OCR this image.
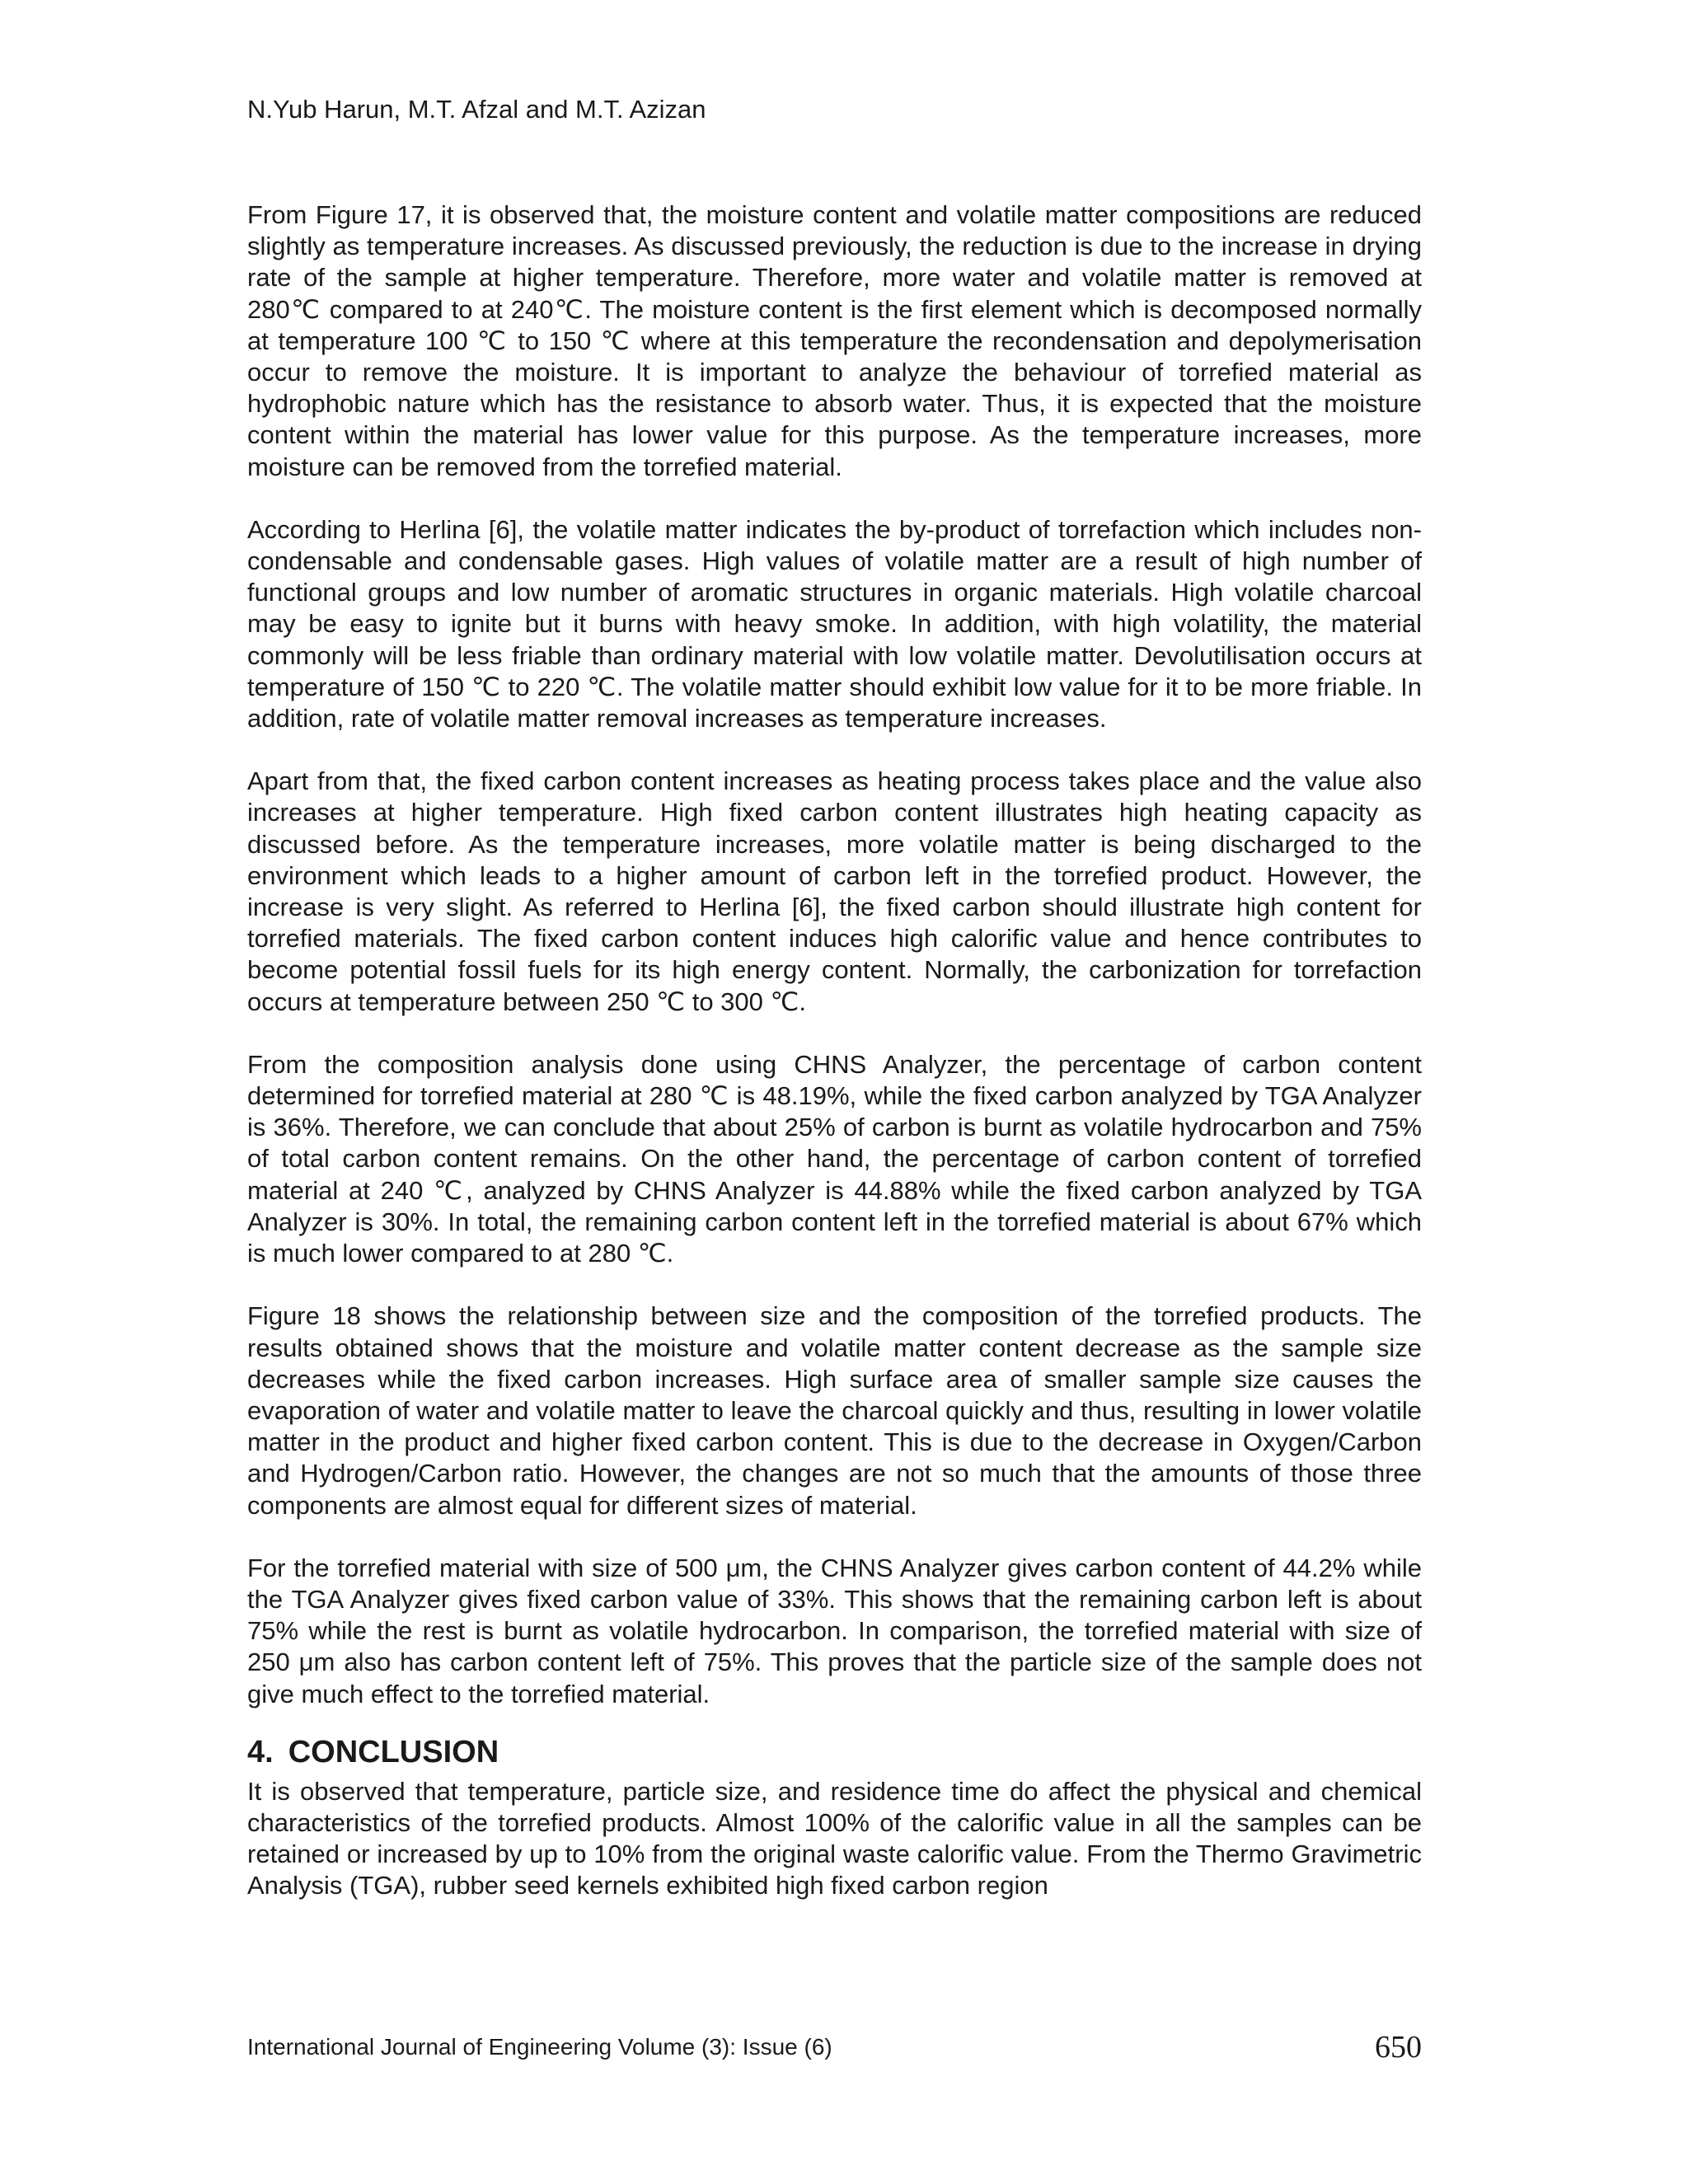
N.Yub Harun, M.T. Afzal and M.T. Azizan

From Figure 17, it is observed that, the moisture content and volatile matter compositions are reduced slightly as temperature increases. As discussed previously, the reduction is due to the increase in drying rate of the sample at higher temperature. Therefore, more water and volatile matter is removed at 280℃ compared to at 240℃. The moisture content is the first element which is decomposed normally at temperature 100 ℃ to 150 ℃ where at this temperature the recondensation and depolymerisation occur to remove the moisture. It is important to analyze the behaviour of torrefied material as hydrophobic nature which has the resistance to absorb water. Thus, it is expected that the moisture content within the material has lower value for this purpose. As the temperature increases, more moisture can be removed from the torrefied material.

According to Herlina [6], the volatile matter indicates the by-product of torrefaction which includes non-condensable and condensable gases. High values of volatile matter are a result of high number of functional groups and low number of aromatic structures in organic materials. High volatile charcoal may be easy to ignite but it burns with heavy smoke. In addition, with high volatility, the material commonly will be less friable than ordinary material with low volatile matter. Devolutilisation occurs at temperature of 150 ℃ to 220 ℃. The volatile matter should exhibit low value for it to be more friable. In addition, rate of volatile matter removal increases as temperature increases.

Apart from that, the fixed carbon content increases as heating process takes place and the value also increases at higher temperature. High fixed carbon content illustrates high heating capacity as discussed before. As the temperature increases, more volatile matter is being discharged to the environment which leads to a higher amount of carbon left in the torrefied product. However, the increase is very slight. As referred to Herlina [6], the fixed carbon should illustrate high content for torrefied materials. The fixed carbon content induces high calorific value and hence contributes to become potential fossil fuels for its high energy content. Normally, the carbonization for torrefaction occurs at temperature between 250 ℃ to 300 ℃.

From the composition analysis done using CHNS Analyzer, the percentage of carbon content determined for torrefied material at 280 ℃ is 48.19%, while the fixed carbon analyzed by TGA Analyzer is 36%. Therefore, we can conclude that about 25% of carbon is burnt as volatile hydrocarbon and 75% of total carbon content remains. On the other hand, the percentage of carbon content of torrefied material at 240 ℃, analyzed by CHNS Analyzer is 44.88% while the fixed carbon analyzed by TGA Analyzer is 30%. In total, the remaining carbon content left in the torrefied material is about 67% which is much lower compared to at 280 ℃.

Figure 18 shows the relationship between size and the composition of the torrefied products. The results obtained shows that the moisture and volatile matter content decrease as the sample size decreases while the fixed carbon increases. High surface area of smaller sample size causes the evaporation of water and volatile matter to leave the charcoal quickly and thus, resulting in lower volatile matter in the product and higher fixed carbon content. This is due to the decrease in Oxygen/Carbon and Hydrogen/Carbon ratio. However, the changes are not so much that the amounts of those three components are almost equal for different sizes of material.

For the torrefied material with size of 500 μm, the CHNS Analyzer gives carbon content of 44.2% while the TGA Analyzer gives fixed carbon value of 33%. This shows that the remaining carbon left is about 75% while the rest is burnt as volatile hydrocarbon. In comparison, the torrefied material with size of 250 μm also has carbon content left of 75%. This proves that the particle size of the sample does not give much effect to the torrefied material.

4. CONCLUSION

It is observed that temperature, particle size, and residence time do affect the physical and chemical characteristics of the torrefied products. Almost 100% of the calorific value in all the samples can be retained or increased by up to 10% from the original waste calorific value. From the Thermo Gravimetric Analysis (TGA), rubber seed kernels exhibited high fixed carbon region

International Journal of Engineering Volume (3): Issue (6)	650
